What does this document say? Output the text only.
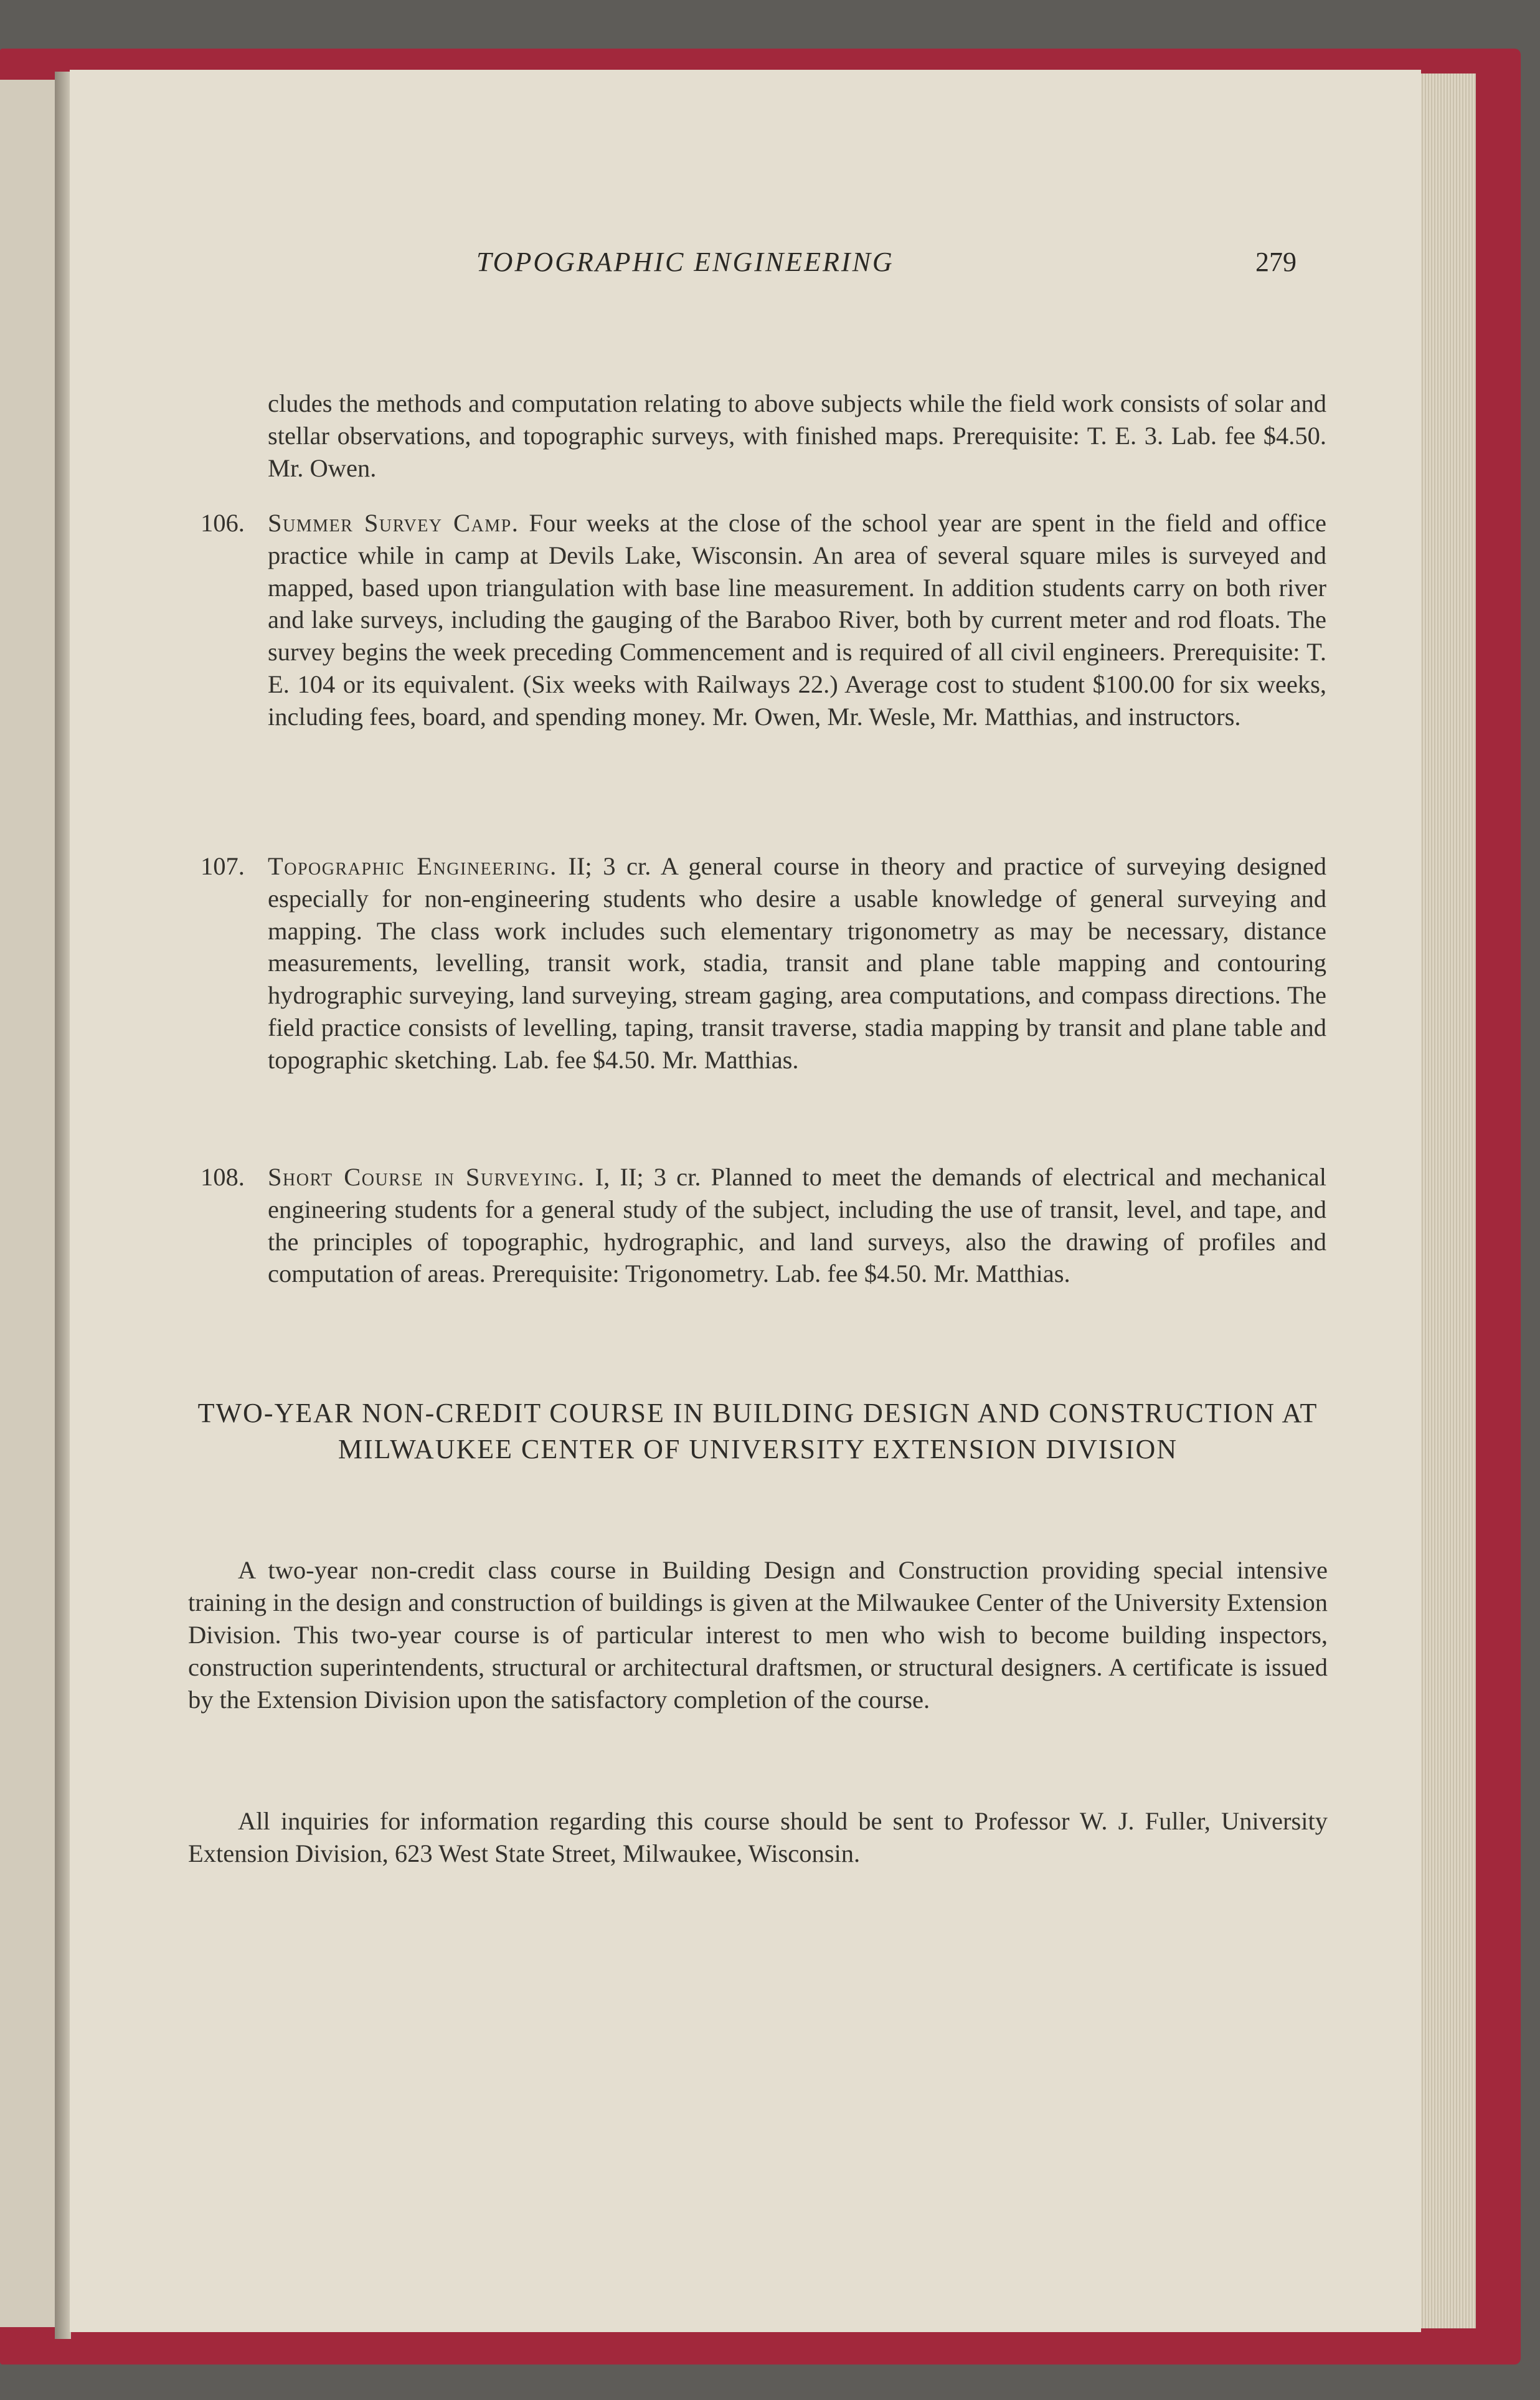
TOPOGRAPHIC ENGINEERING	279

cludes the methods and computation relating to above subjects while the field work consists of solar and stellar observations, and topographic surveys, with finished maps. Prerequisite: T. E. 3. Lab. fee $4.50. Mr. Owen.

106. Summer Survey Camp. Four weeks at the close of the school year are spent in the field and office practice while in camp at Devils Lake, Wisconsin. An area of several square miles is surveyed and mapped, based upon triangulation with base line measurement. In addition students carry on both river and lake surveys, including the gauging of the Baraboo River, both by current meter and rod floats. The survey begins the week preceding Commencement and is required of all civil engineers. Prerequisite: T. E. 104 or its equivalent. (Six weeks with Railways 22.) Average cost to student $100.00 for six weeks, including fees, board, and spending money. Mr. Owen, Mr. Wesle, Mr. Matthias, and instructors.
107. Topographic Engineering. II; 3 cr. A general course in theory and practice of surveying designed especially for non-engineering students who desire a usable knowledge of general surveying and mapping. The class work includes such elementary trigonometry as may be necessary, distance measurements, levelling, transit work, stadia, transit and plane table mapping and contouring hydrographic surveying, land surveying, stream gaging, area computations, and compass directions. The field practice consists of levelling, taping, transit traverse, stadia mapping by transit and plane table and topographic sketching. Lab. fee $4.50. Mr. Matthias.
108. Short Course in Surveying. I, II; 3 cr. Planned to meet the demands of electrical and mechanical engineering students for a general study of the subject, including the use of transit, level, and tape, and the principles of topographic, hydrographic, and land surveys, also the drawing of profiles and computation of areas. Prerequisite: Trigonometry. Lab. fee $4.50. Mr. Matthias.
TWO-YEAR NON-CREDIT COURSE IN BUILDING DESIGN AND CONSTRUCTION AT MILWAUKEE CENTER OF UNIVERSITY EXTENSION DIVISION

A two-year non-credit class course in Building Design and Construction providing special intensive training in the design and construction of buildings is given at the Milwaukee Center of the University Extension Division. This two-year course is of particular interest to men who wish to become building inspectors, construction superintendents, structural or architectural draftsmen, or structural designers. A certificate is issued by the Extension Division upon the satisfactory completion of the course.

All inquiries for information regarding this course should be sent to Professor W. J. Fuller, University Extension Division, 623 West State Street, Milwaukee, Wisconsin.
